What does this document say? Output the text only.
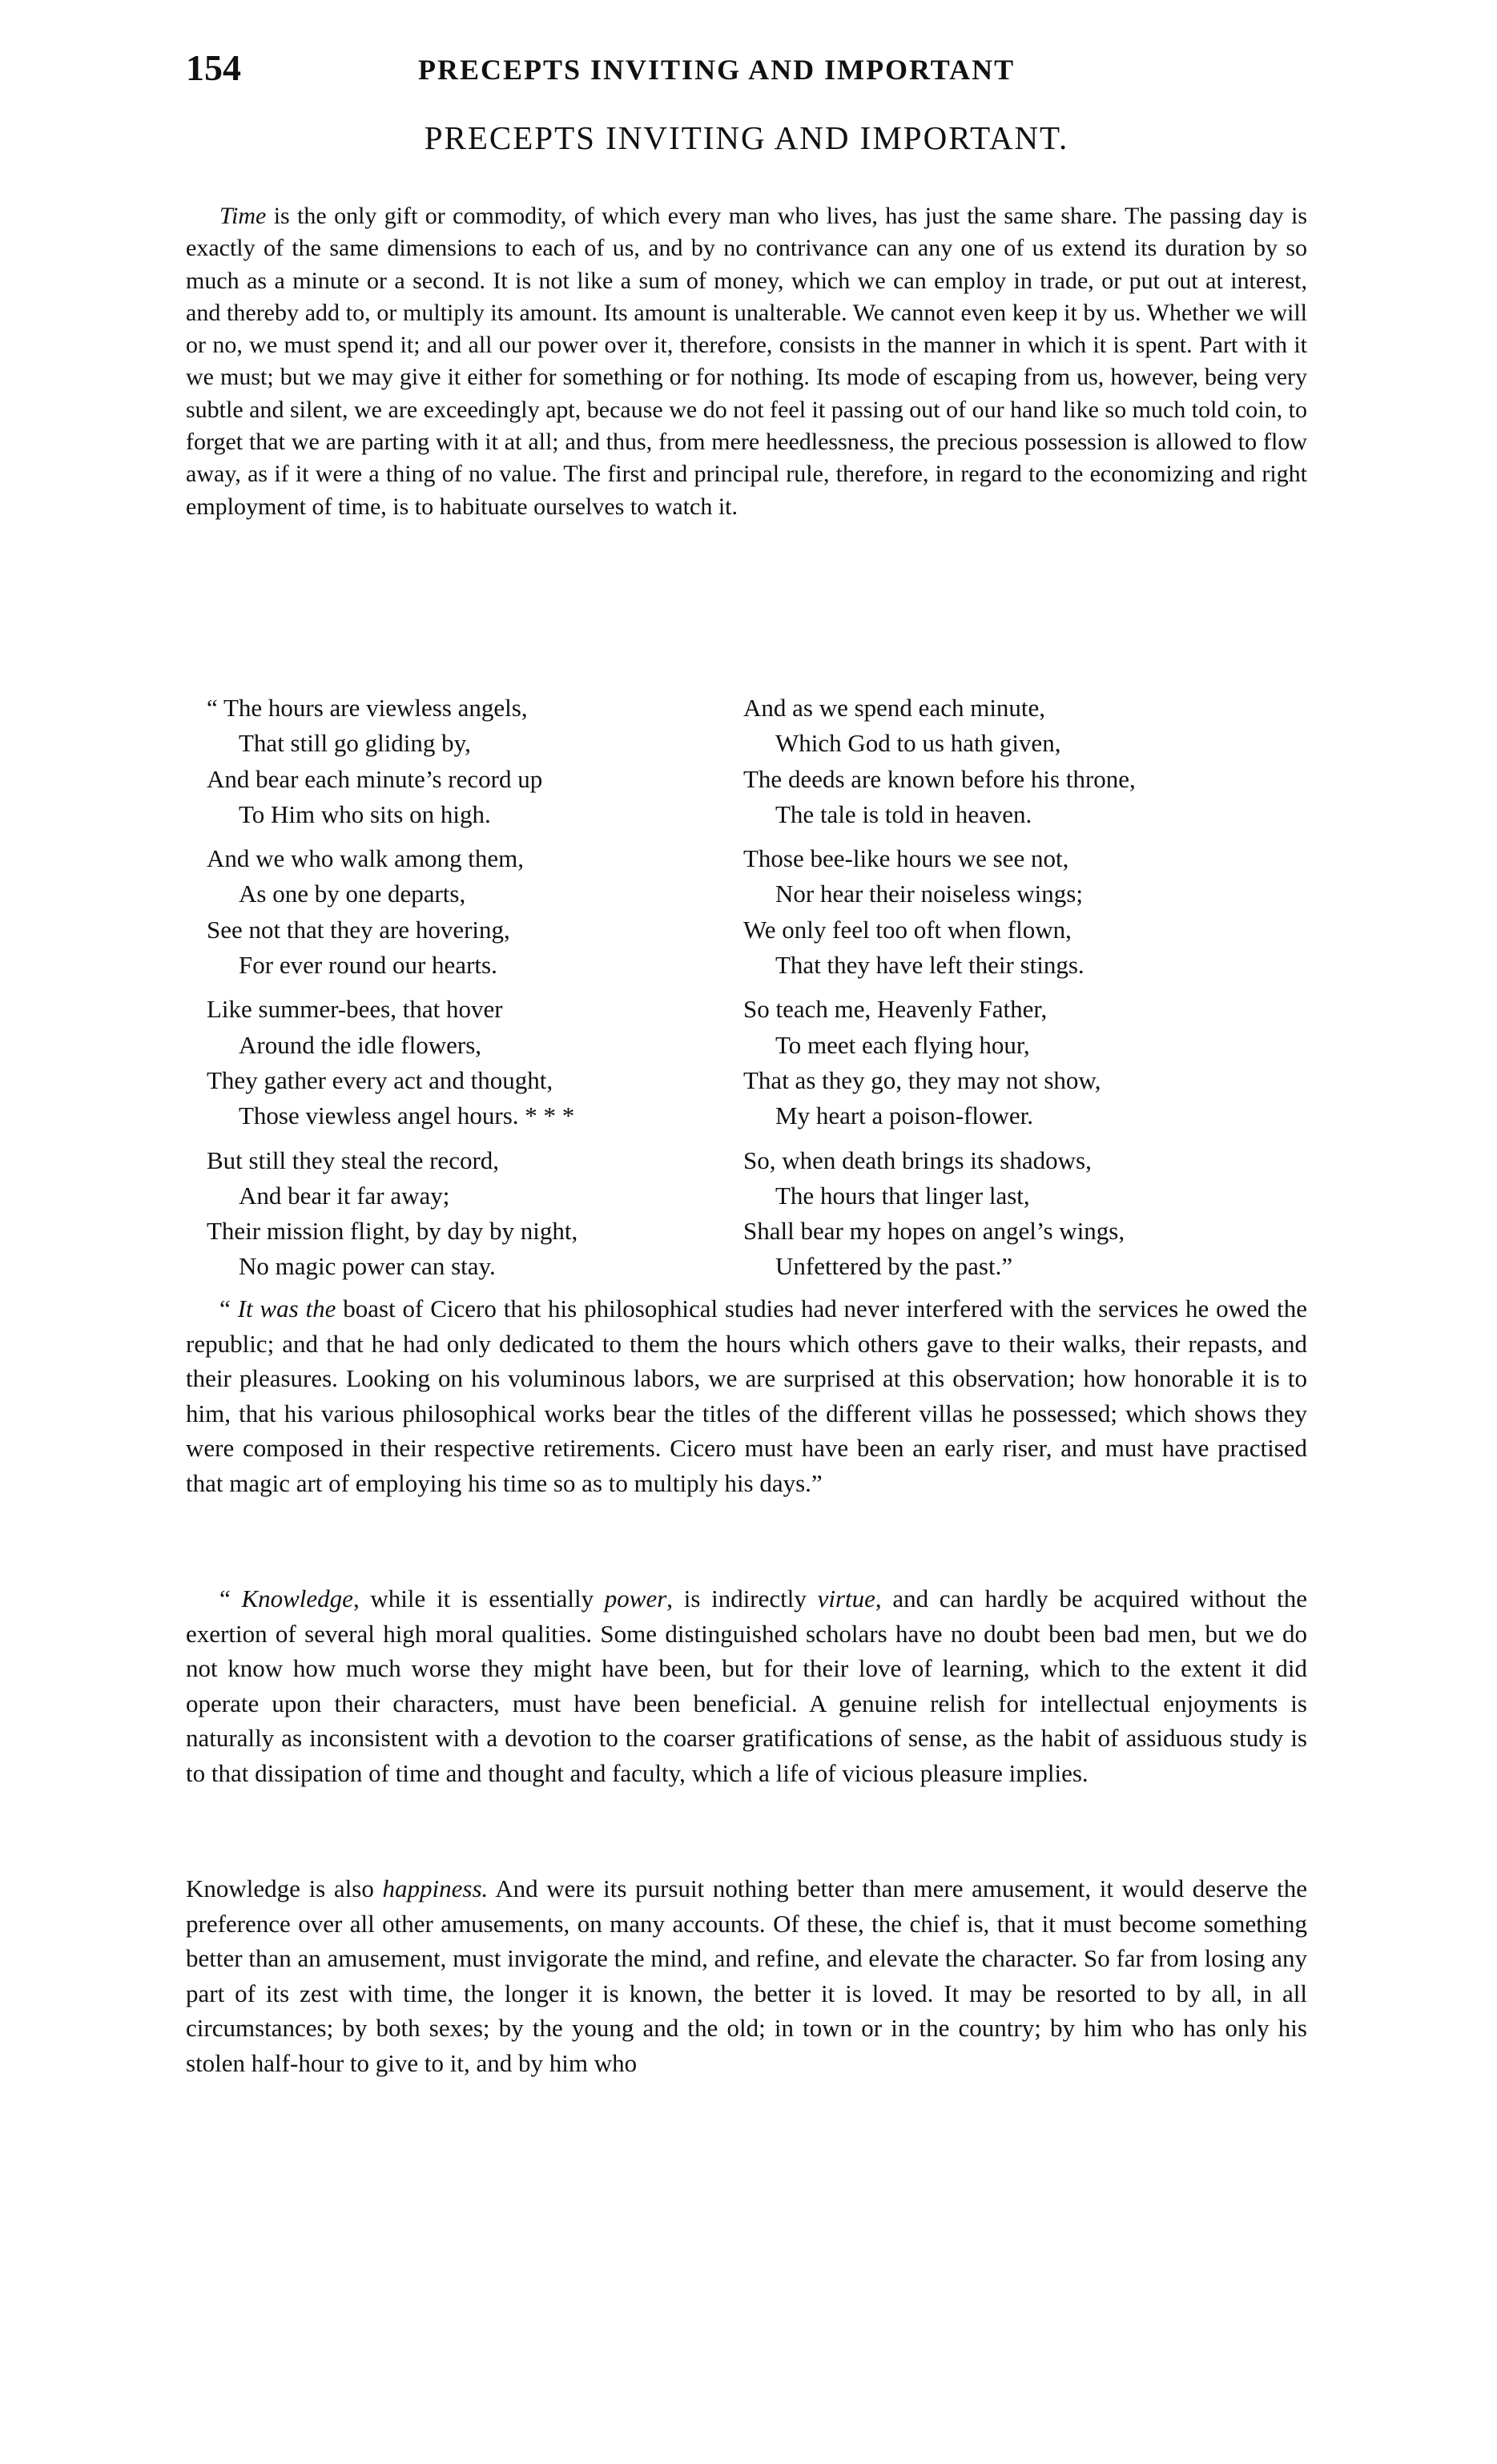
154	PRECEPTS INVITING AND IMPORTANT
PRECEPTS INVITING AND IMPORTANT.

Time is the only gift or commodity, of which every man who lives, has just the same share. The passing day is exactly of the same dimensions to each of us, and by no contrivance can any one of us extend its duration by so much as a minute or a second. It is not like a sum of money, which we can employ in trade, or put out at interest, and thereby add to, or multiply its amount. Its amount is unalterable. We cannot even keep it by us. Whether we will or no, we must spend it; and all our power over it, therefore, consists in the manner in which it is spent. Part with it we must; but we may give it either for something or for nothing. Its mode of escaping from us, however, being very subtle and silent, we are exceedingly apt, because we do not feel it passing out of our hand like so much told coin, to forget that we are parting with it at all; and thus, from mere heedlessness, the precious possession is allowed to flow away, as if it were a thing of no value. The first and principal rule, therefore, in regard to the economizing and right employment of time, is to habituate ourselves to watch it.

“ The hours are viewless angels,
That still go gliding by,
And bear each minute’s record up
To Him who sits on high.
And we who walk among them,
As one by one departs,
See not that they are hovering,
For ever round our hearts.
Like summer-bees, that hover
Around the idle flowers,
They gather every act and thought,
Those viewless angel hours. * * *
But still they steal the record,
And bear it far away;
Their mission flight, by day by night,
No magic power can stay.
And as we spend each minute,
Which God to us hath given,
The deeds are known before his throne,
The tale is told in heaven.
Those bee-like hours we see not,
Nor hear their noiseless wings;
We only feel too oft when flown,
That they have left their stings.
So teach me, Heavenly Father,
To meet each flying hour,
That as they go, they may not show,
My heart a poison-flower.
So, when death brings its shadows,
The hours that linger last,
Shall bear my hopes on angel’s wings,
Unfettered by the past.”

“ It was the boast of Cicero that his philosophical studies had never interfered with the services he owed the republic; and that he had only dedicated to them the hours which others gave to their walks, their repasts, and their pleasures. Looking on his voluminous labors, we are surprised at this observation; how honorable it is to him, that his various philosophical works bear the titles of the different villas he possessed; which shows they were composed in their respective retirements. Cicero must have been an early riser, and must have practised that magic art of employing his time so as to multiply his days.”

“ Knowledge, while it is essentially power, is indirectly virtue, and can hardly be acquired without the exertion of several high moral qualities. Some distinguished scholars have no doubt been bad men, but we do not know how much worse they might have been, but for their love of learning, which to the extent it did operate upon their characters, must have been beneficial. A genuine relish for intellectual enjoyments is naturally as inconsistent with a devotion to the coarser gratifications of sense, as the habit of assiduous study is to that dissipation of time and thought and faculty, which a life of vicious pleasure implies.

Knowledge is also happiness. And were its pursuit nothing better than mere amusement, it would deserve the preference over all other amusements, on many accounts. Of these, the chief is, that it must become something better than an amusement, must invigorate the mind, and refine, and elevate the character. So far from losing any part of its zest with time, the longer it is known, the better it is loved. It may be resorted to by all, in all circumstances; by both sexes; by the young and the old; in town or in the country; by him who has only his stolen half-hour to give to it, and by him who
